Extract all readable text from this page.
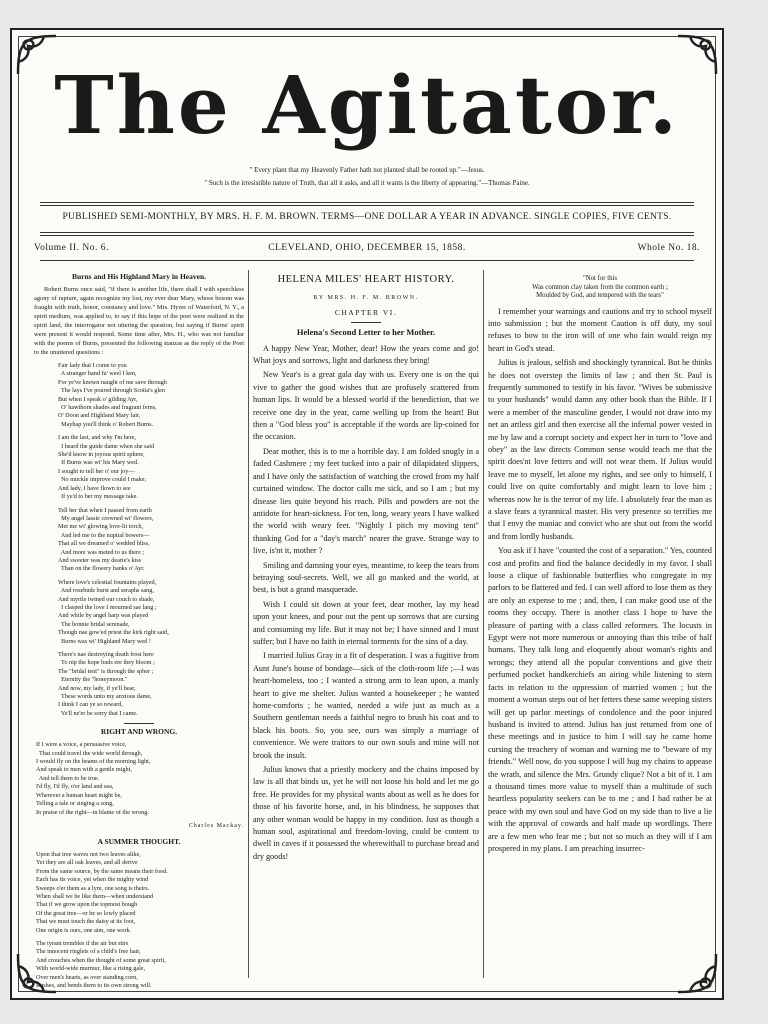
The Agitator.
" Every plant that my Heavenly Father hath not planted shall be rooted up."—Jesus.
" Such is the irresistible nature of Truth, that all it asks, and all it wants is the liberty of appearing."—Thomas Paine.
PUBLISHED SEMI-MONTHLY, BY MRS. H. F. M. BROWN. TERMS—ONE DOLLAR A YEAR IN ADVANCE. SINGLE COPIES, FIVE CENTS.
Volume II. No. 6.	CLEVELAND, OHIO, DECEMBER 15, 1858.	Whole No. 18.
Burns and His Highland Mary in Heaven.

Robert Burns once said, "if there is another life, there shall I with speechless agony of rapture, again recognize my lost, my ever dear Mary, whose bosom was fraught with truth, honor, constancy and love." Mrs. Hyzer of Waterford, N. Y., a spirit medium, was applied to, to say if this hope of the poet were realized in the spirit land, the interrogator not uttering the question, but saying if Burns' spirit were present it would respond. Some time after, Mrs. H., who was not familiar with the poems of Burns, presented the following stanzas as the reply of the Poet to the unuttered questions :

Fair lady that I come to you
A stranger band fu' weel I ken,
For ye've known naught of me save through
The lays I've poured through Scotia's glen
But when I speak o' gilding Ayr,
O' hawthorn shades and fragrant ferns,
O' Doon and Highland Mary fair,
Mayhap you'll think o' Robert Burns.
I am the last, and why I'm here,
I heard the guide dame when she said
She'd know in joyous spirit sphere,
If Burns was wi' his Mary wed.
I sought to tell her o' our joy—
No muckle improve could I make;
And lady, I have flown to see
If ye'd to her my message take.
Tell her that when I passed from earth
My angel lassie crowned wi' flowers,
Met me wi' glowing love-lit torch,
And led me to the nuptial bowers—
That all we dreamed o' wedded bliss,
And more was meted to us there ;
And sweeter was my dearie's kiss
Than on the flowery banks o' Ayr.
Where love's celestial fountains played,
And rosebuds burst and seraphs sang,
And myrtle twined our couch to shade,
I clasped the love I mourned sae lang ;
And while by angel harp was played
The bonnie bridal serenade,
Though nae gow'ed priest the kirk right said,
Burns was wi' Highland Mary wed !
There's nae destroying death frost here
To nip the hope buds ere they bloom ;
The "bridal tent" is through the spher ;
Eternity the "honeymoon."
And now, my lady, if ye'll hear,
These words unto my anxious dame,
I think I can ye so reward,
Ye'll ne'er be sorry that I came.
RIGHT AND WRONG.
If I were a voice, a persuasive voice,
That could travel the wide world through,
I would fly on the beams of the morning light,
And speak to men with a gentle might,
And tell them to be true.
I'd fly, I'd fly, o'er land and sea,
Wherever a human heart might be,
Telling a tale or singing a song,
In praise of the right—in blame of the wrong.
Charles Mackay.
A SUMMER THOUGHT.
Upon that tree waves not two leaves alike,
Yet they are all oak leaves, and all derive
From the same source, by the same means their food.
Each has its voice, yet when the mighty wind
Sweeps o'er them as a lyre, one song is theirs.
When shall we be like them—when understand
That if we grow upon the topmost bough
Of the great tree—or be so lowly placed
That we must touch the daisy at its foot,
One origin is ours, one aim, one work.
The tyrant trembles if the air but stirs
The innocent ringlets of a child's free hair,
And crouches when the thought of some great spirit,
With world-wide murmur, like a rising gale,
Over men's hearts, as over standing corn,
Rushes, and bends them to its own strong will.
HELENA MILES' HEART HISTORY.
BY MRS. H. F. M. BROWN.
CHAPTER VI.
Helena's Second Letter to her Mother.

A happy New Year, Mother, dear! How the years come and go! What joys and sorrows, light and darkness they bring!

New Year's is a great gala day with us. Every one is on the qui vive to gather the good wishes that are profusely scattered from human lips. It would be a blessed world if the benediction, that we receive one day in the year, came welling up from the heart! But then a "God bless you" is acceptable if the words are lip-coined for the occasion.

Dear mother, this is to me a horrible day. I am folded snugly in a faded Cashmere ; my feet tucked into a pair of dilapidated slippers, and I have only the satisfaction of watching the crowd from my half curtained window. The doctor calls me sick, and so I am ; but my disease lies quite beyond his reach. Pills and powders are not the antidote for heart-sickness. For ten, long, weary years I have walked the world with weary feet. "Nightly I pitch my moving tent" thanking God for a "day's march" nearer the grave. Strange way to live, is'nt it, mother ?

Smiling and damning your eyes, meantime, to keep the tears from betraying soul-secrets. Well, we all go masked and the world, at best, is but a grand masquerade.

Wish I could sit down at your feet, dear mother, lay my head upon your knees, and pour out the pent up sorrows that are cursing and consuming my life. But it may not be; I have sinned and I must suffer; but I have no faith in eternal torments for the sins of a day.

I married Julius Gray in a fit of desperation. I was a fugitive from Aunt June's house of bondage—sick of the cloth-room life ;—I was heart-homeless, too ; I wanted a strong arm to lean upon, a manly heart to give me shelter. Julius wanted a housekeeper ; he wanted home-comforts ; he wanted, needed a wife just as much as a Southern gentleman needs a faithful negro to brush his coat and to black his boots. So, you see, ours was simply a marriage of convenience. We were traitors to our own souls and mine will not brook the insult.

Julius knows that a priestly mockery and the chains imposed by law is all that binds us, yet he will not loose his hold and let me go free. He provides for my physical wants about as well as he does for those of his favorite horse, and, in his blindness, he supposes that any other woman would be happy in my condition. Just as though a human soul, aspirational and freedom-loving, could be content to dwell in caves if it possessed the wherewithall to purchase bread and dry goods!

"Not for this
Was common clay taken from the common earth ;
Moulded by God, and tempered with the tears"

I remember your warnings and cautions and try to school myself into submission ; but the moment Caution is off duty, my soul refuses to bow to the iron will of one who fain would reign my heart in God's stead.

Julius is jealous, selfish and shockingly tyrannical. But he thinks he does not overstep the limits of law ; and then St. Paul is frequently summoned to testify in his favor. "Wives be submissive to your husbands" would damn any other book than the Bible. If I were a member of the masculine gender, I would not draw into my net an artless girl and then exercise all the infernal power vested in me by law and a corrupt society and expect her in turn to "love and obey" as the law directs Common sense would teach me that the spirit does'nt love fetters and will not wear them. If Julius would leave me to myself, let alone my rights, and see only to himself, I could live on quite comfortably and might learn to love him ; whereas now he is the terror of my life. I absolutely fear the man as a slave fears a tyrannical master. His very presence so terrifies me that I envy the maniac and convict who are shut out from the world and from lordly husbands.

You ask if I have "counted the cost of a separation." Yes, counted cost and profits and find the balance decidedly in my favor. I shall loose a clique of fashionable butterflies who congregate in my parlors to be flattered and fed. I can well afford to lose them as they are only an expense to me ; and, then, I can make good use of the rooms they occupy. There is another class I hope to have the pleasure of parting with a class called reformers. The locusts in Egypt were not more numerous or annoying than this tribe of half humans. They talk long and eloquently about woman's rights and wrongs; they attend all the popular conventions and give their perfumed pocket handkerchiefs an airing while listening to stern facts in relation to the oppression of married women ; but the moment a woman steps out of her fetters these same weeping sisters will get up parlor meetings of condolence and the poor injured husband is invited to attend. Julius has just returned from one of these meetings and in justice to him I will say he came home cursing the treachery of woman and warning me to "beware of my friends." Well now, do you suppose I will hug my chains to appease the wrath, and silence the Mrs. Grundy clique? Not a bit of it. I am a thousand times more value to myself than a multitude of such heartless popularity seekers can be to me ; and I had rather be at peace with my own soul and have God on my side than to live a lie with the approval of cowards and half made up wordlings. There are a few men who fear me ; but not so much as they will if I am prospered in my plans. I am preaching insurrec-
